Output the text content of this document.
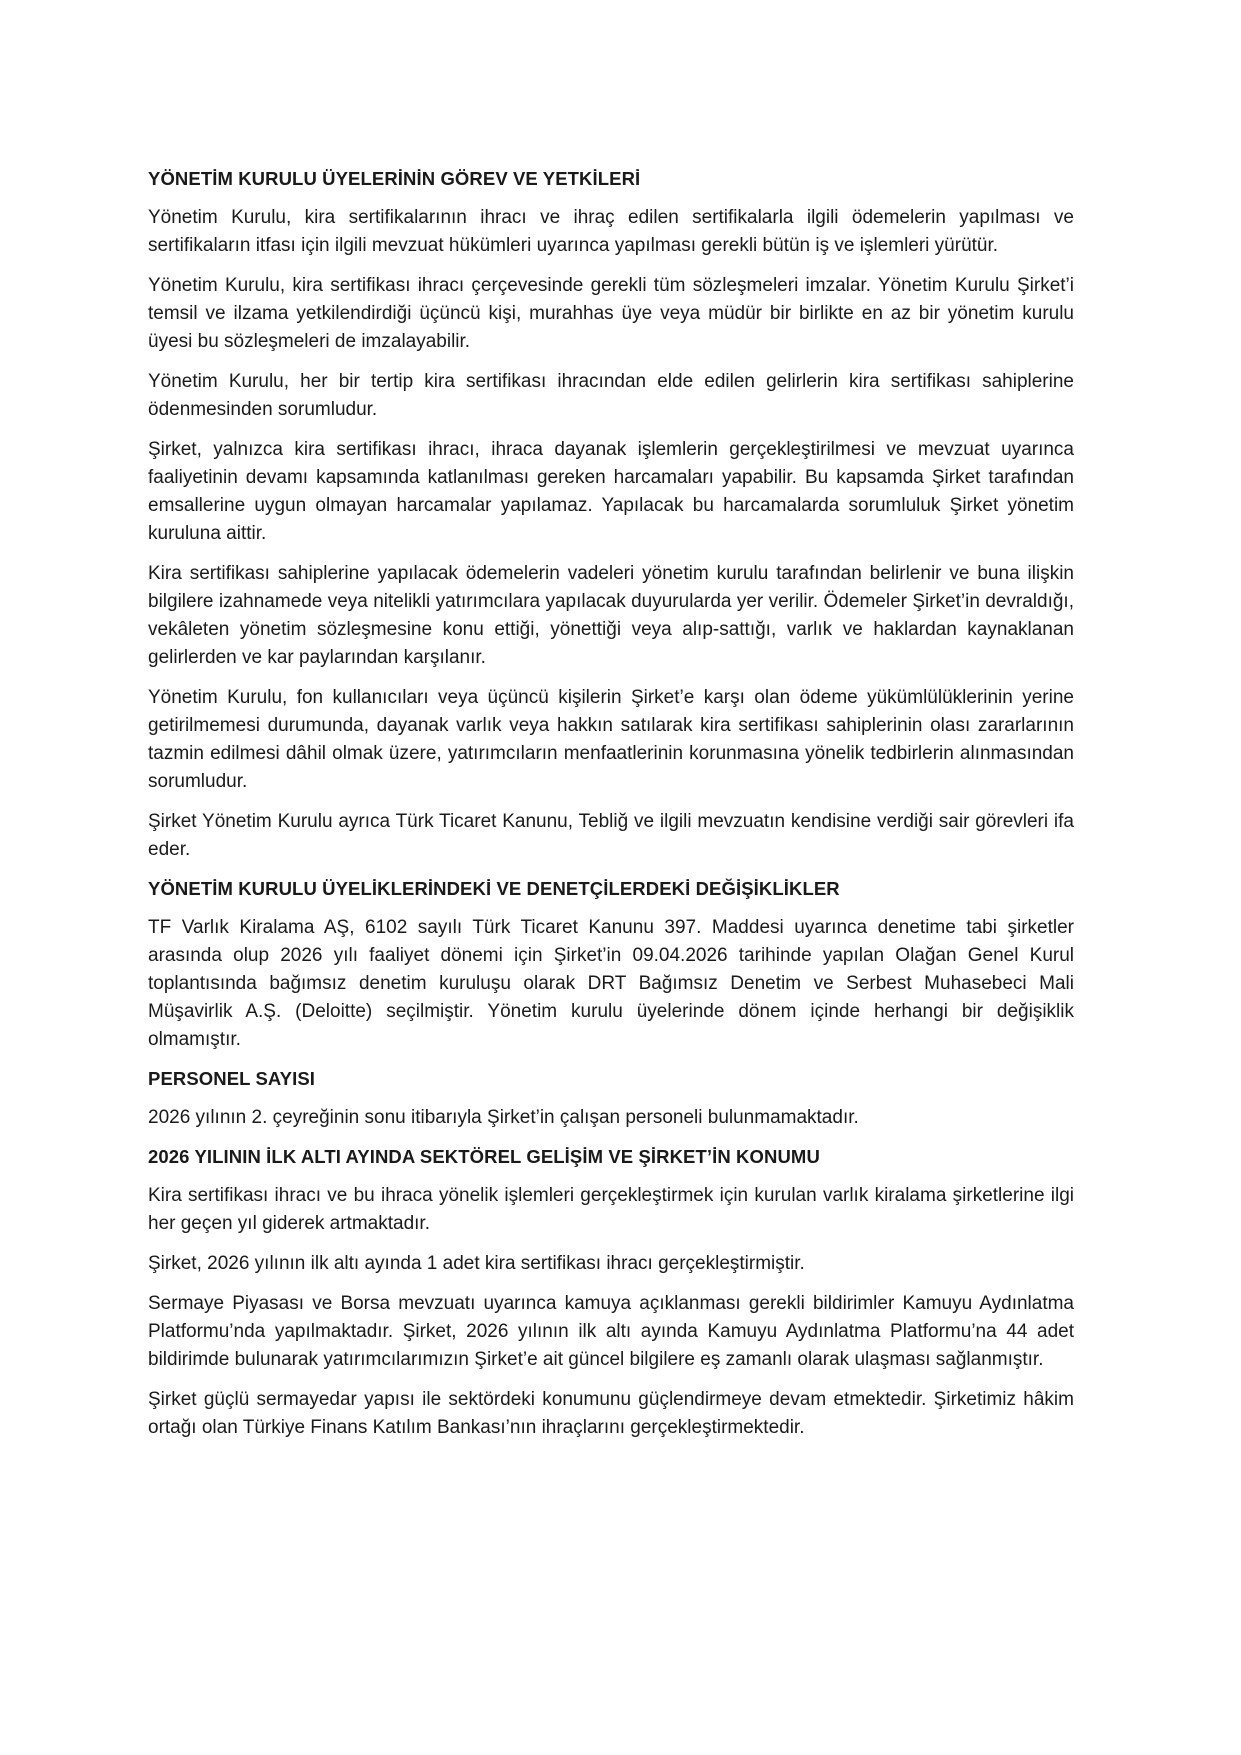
YÖNETİM KURULU ÜYELERİNİN GÖREV VE YETKİLERİ

Yönetim Kurulu, kira sertifikalarının ihracı ve ihraç edilen sertifikalarla ilgili ödemelerin yapılması ve sertifikaların itfası için ilgili mevzuat hükümleri uyarınca yapılması gerekli bütün iş ve işlemleri yürütür.

Yönetim Kurulu, kira sertifikası ihracı çerçevesinde gerekli tüm sözleşmeleri imzalar. Yönetim Kurulu Şirket’i temsil ve ilzama yetkilendirdiği üçüncü kişi, murahhas üye veya müdür bir birlikte en az bir yönetim kurulu üyesi bu sözleşmeleri de imzalayabilir.

Yönetim Kurulu, her bir tertip kira sertifikası ihracından elde edilen gelirlerin kira sertifikası sahiplerine ödenmesinden sorumludur.

Şirket, yalnızca kira sertifikası ihracı, ihraca dayanak işlemlerin gerçekleştirilmesi ve mevzuat uyarınca faaliyetinin devamı kapsamında katlanılması gereken harcamaları yapabilir. Bu kapsamda Şirket tarafından emsallerine uygun olmayan harcamalar yapılamaz. Yapılacak bu harcamalarda sorumluluk Şirket yönetim kuruluna aittir.

Kira sertifikası sahiplerine yapılacak ödemelerin vadeleri yönetim kurulu tarafından belirlenir ve buna ilişkin bilgilere izahnamede veya nitelikli yatırımcılara yapılacak duyurularda yer verilir. Ödemeler Şirket’in devraldığı, vekâleten yönetim sözleşmesine konu ettiği, yönettiği veya alıp-sattığı, varlık ve haklardan kaynaklanan gelirlerden ve kar paylarından karşılanır.

Yönetim Kurulu, fon kullanıcıları veya üçüncü kişilerin Şirket’e karşı olan ödeme yükümlülüklerinin yerine getirilmemesi durumunda, dayanak varlık veya hakkın satılarak kira sertifikası sahiplerinin olası zararlarının tazmin edilmesi dâhil olmak üzere, yatırımcıların menfaatlerinin korunmasına yönelik tedbirlerin alınmasından sorumludur.

Şirket Yönetim Kurulu ayrıca Türk Ticaret Kanunu, Tebliğ ve ilgili mevzuatın kendisine verdiği sair görevleri ifa eder.

YÖNETİM KURULU ÜYELİKLERİNDEKİ VE DENETÇİLERDEKİ DEĞİŞİKLİKLER

TF Varlık Kiralama AŞ, 6102 sayılı Türk Ticaret Kanunu 397. Maddesi uyarınca denetime tabi şirketler arasında olup 2026 yılı faaliyet dönemi için Şirket’in 09.04.2026 tarihinde yapılan Olağan Genel Kurul toplantısında bağımsız denetim kuruluşu olarak DRT Bağımsız Denetim ve Serbest Muhasebeci Mali Müşavirlik A.Ş. (Deloitte) seçilmiştir. Yönetim kurulu üyelerinde dönem içinde herhangi bir değişiklik olmamıştır.

PERSONEL SAYISI

2026 yılının 2. çeyreğinin sonu itibarıyla Şirket’in çalışan personeli bulunmamaktadır.

2026 YILININ İLK ALTI AYINDA SEKTÖREL GELİŞİM VE ŞİRKET’İN KONUMU

Kira sertifikası ihracı ve bu ihraca yönelik işlemleri gerçekleştirmek için kurulan varlık kiralama şirketlerine ilgi her geçen yıl giderek artmaktadır.

Şirket, 2026 yılının ilk altı ayında 1 adet kira sertifikası ihracı gerçekleştirmiştir.

Sermaye Piyasası ve Borsa mevzuatı uyarınca kamuya açıklanması gerekli bildirimler Kamuyu Aydınlatma Platformu’nda yapılmaktadır. Şirket, 2026 yılının ilk altı ayında Kamuyu Aydınlatma Platformu’na 44 adet bildirimde bulunarak yatırımcılarımızın Şirket’e ait güncel bilgilere eş zamanlı olarak ulaşması sağlanmıştır.

Şirket güçlü sermayedar yapısı ile sektördeki konumunu güçlendirmeye devam etmektedir. Şirketimiz hâkim ortağı olan Türkiye Finans Katılım Bankası’nın ihraçlarını gerçekleştirmektedir.
